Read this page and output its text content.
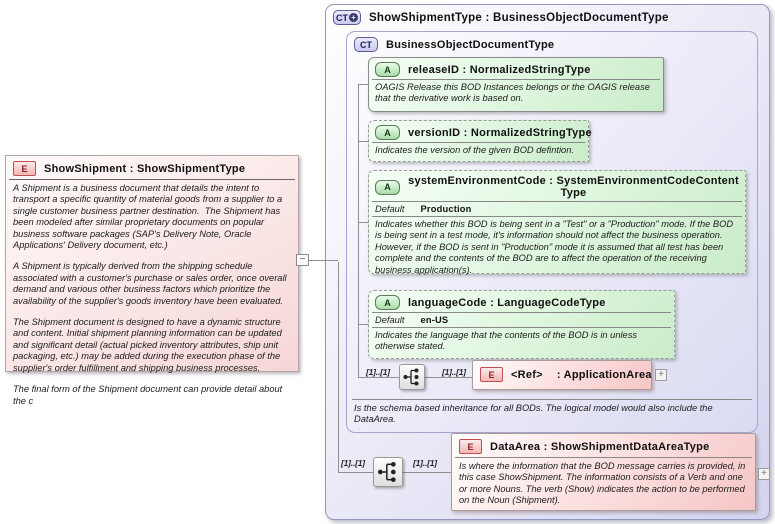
E	ShowShipment : ShowShipmentType

A Shipment is a business document that details the intent to transport a specific quantity of material goods from a supplier to a single customer business partner destination.  The Shipment has been modeled after similar proprietary documents on popular business software packages (SAP's Delivery Note, Oracle Applications' Delivery document, etc.)

A Shipment is typically derived from the shipping schedule associated with a customer's purchase or sales order, once overall demand and various other business factors which prioritize the availability of the supplier's goods inventory have been evaluated.

The Shipment document is designed to have a dynamic structure and content. Initial shipment planning information can be updated and significant detail (actual picked inventory attributes, ship unit packaging, etc.) may be added during the execution phase of the supplier's order fulfillment and shipping business processes.

The final form of the Shipment document can provide detail about the c

−
CT + ShowShipmentType : BusinessObjectDocumentType
CT	BusinessObjectDocumentType
A	releaseID : NormalizedStringType
OAGIS Release this BOD Instances belongs or the OAGIS release that the derivative work is based on.
A	versionID : NormalizedStringType
Indicates the version of the given BOD defintion.
A	systemEnvironmentCode : SystemEnvironmentCodeContentType
Default Production
Indicates whether this BOD is being sent in a "Test" or a "Production" mode. If the BOD is being sent in a test mode, it's information should not affect the business operation. However, if the BOD is sent in "Production" mode it is assumed that all test has been complete and the contents of the BOD are to affect the operation of the receiving business application(s).
A	languageCode : LanguageCodeType
Default en-US
Indicates the language that the contents of the BOD is in unless otherwise stated.
[1]..[1]	[1]..[1]	E	<Ref> : ApplicationArea +
Is the schema based inheritance for all BODs. The logical model would also include the DataArea.
[1]..[1]	[1]..[1]
E	DataArea : ShowShipmentDataAreaType
Is where the information that the BOD message carries is provided, in this case ShowShipment. The information consists of a Verb and one or more Nouns. The verb (Show) indicates the action to be performed on the Noun (Shipment).
+
